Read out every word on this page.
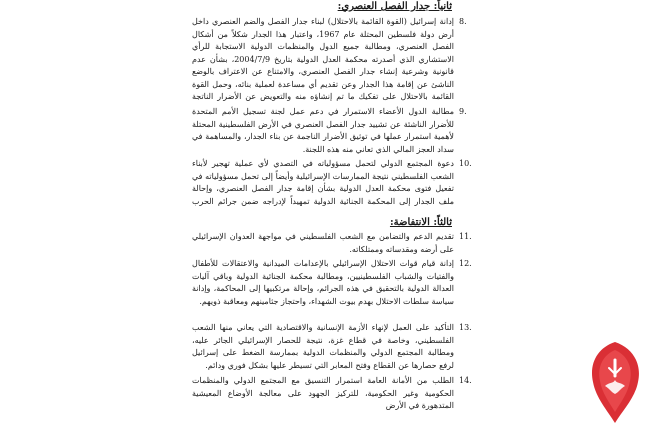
ثانياً: جدار الفصل العنصري:
8.

إدانة إسرائيل (القوة القائمة بالاحتلال) لبناء جدار الفصل والضم العنصري داخل أرض دولة فلسطين المحتلة عام 1967، واعتبار هذا الجدار شكلاً من أشكال الفصل العنصري، ومطالبة جميع الدول والمنظمات الدولية الاستجابة للرأي الاستشاري الذي أصدرته محكمة العدل الدولية بتاريخ 2004/7/9، بشأن عدم قانونية وشرعية إنشاء جدار الفصل العنصري، والامتناع عن الاعتراف بالوضع الناشئ عن إقامة هذا الجدار وعن تقديم أي مساعدة لعملية بنائه، وحمل القوة القائمة بالاحتلال على تفكيك ما تم إنشاؤه منه والتعويض عن الأضرار الناتجة

9.

مطالبة الدول الأعضاء الاستمرار في دعم عمل لجنة تسجيل الأمم المتحدة للأضرار الناشئة عن تشييد جدار الفصل العنصري في الأرض الفلسطينية المحتلة لأهمية استمرار عملها في توثيق الأضرار الناجمة عن بناء الجدار، والمساهمة في سداد العجز المالي الذي تعاني منه هذه اللجنة.

10.

دعوة المجتمع الدولي لتحمل مسؤولياته في التصدي لأي عملية تهجير لأبناء الشعب الفلسطيني نتيجة الممارسات الإسرائيلية وأيضاً إلى تحمل مسؤولياته في تفعيل فتوى محكمة العدل الدولية بشأن إقامة جدار الفصل العنصري، وإحالة ملف الجدار إلى المحكمة الجنائية الدولية تمهيداً لإدراجه ضمن جرائم الحرب

ثالثاً: الانتفاضة:
11.

تقديم الدعم والتضامن مع الشعب الفلسطيني في مواجهة العدوان الإسرائيلي على أرضه ومقدساته وممتلكاته.

12.

إدانة قيام قوات الاحتلال الإسرائيلي بالإعدامات الميدانية والاعتقالات للأطفال والفتيات والشباب الفلسطينيين، ومطالبة محكمة الجنائية الدولية وباقي آليات العدالة الدولية بالتحقيق في هذه الجرائم، وإحالة مرتكبيها إلى المحاكمة، وإدانة سياسة سلطات الاحتلال بهدم بيوت الشهداء، واحتجاز جثامينهم ومعاقبة ذويهم.

13.

التأكيد على العمل لإنهاء الأزمة الإنسانية والاقتصادية التي يعاني منها الشعب الفلسطيني، وخاصة في قطاع غزة، نتيجة للحصار الإسرائيلي الجائر عليه، ومطالبة المجتمع الدولي والمنظمات الدولية بممارسة الضغط على إسرائيل لرفع حصارها عن القطاع وفتح المعابر التي تسيطر عليها بشكل فوري ودائم.

14.

الطلب من الأمانة العامة استمرار التنسيق مع المجتمع الدولي والمنظمات الحكومية وغير الحكومية، للتركيز الجهود على معالجة الأوضاع المعيشية المتدهورة في الأرض
